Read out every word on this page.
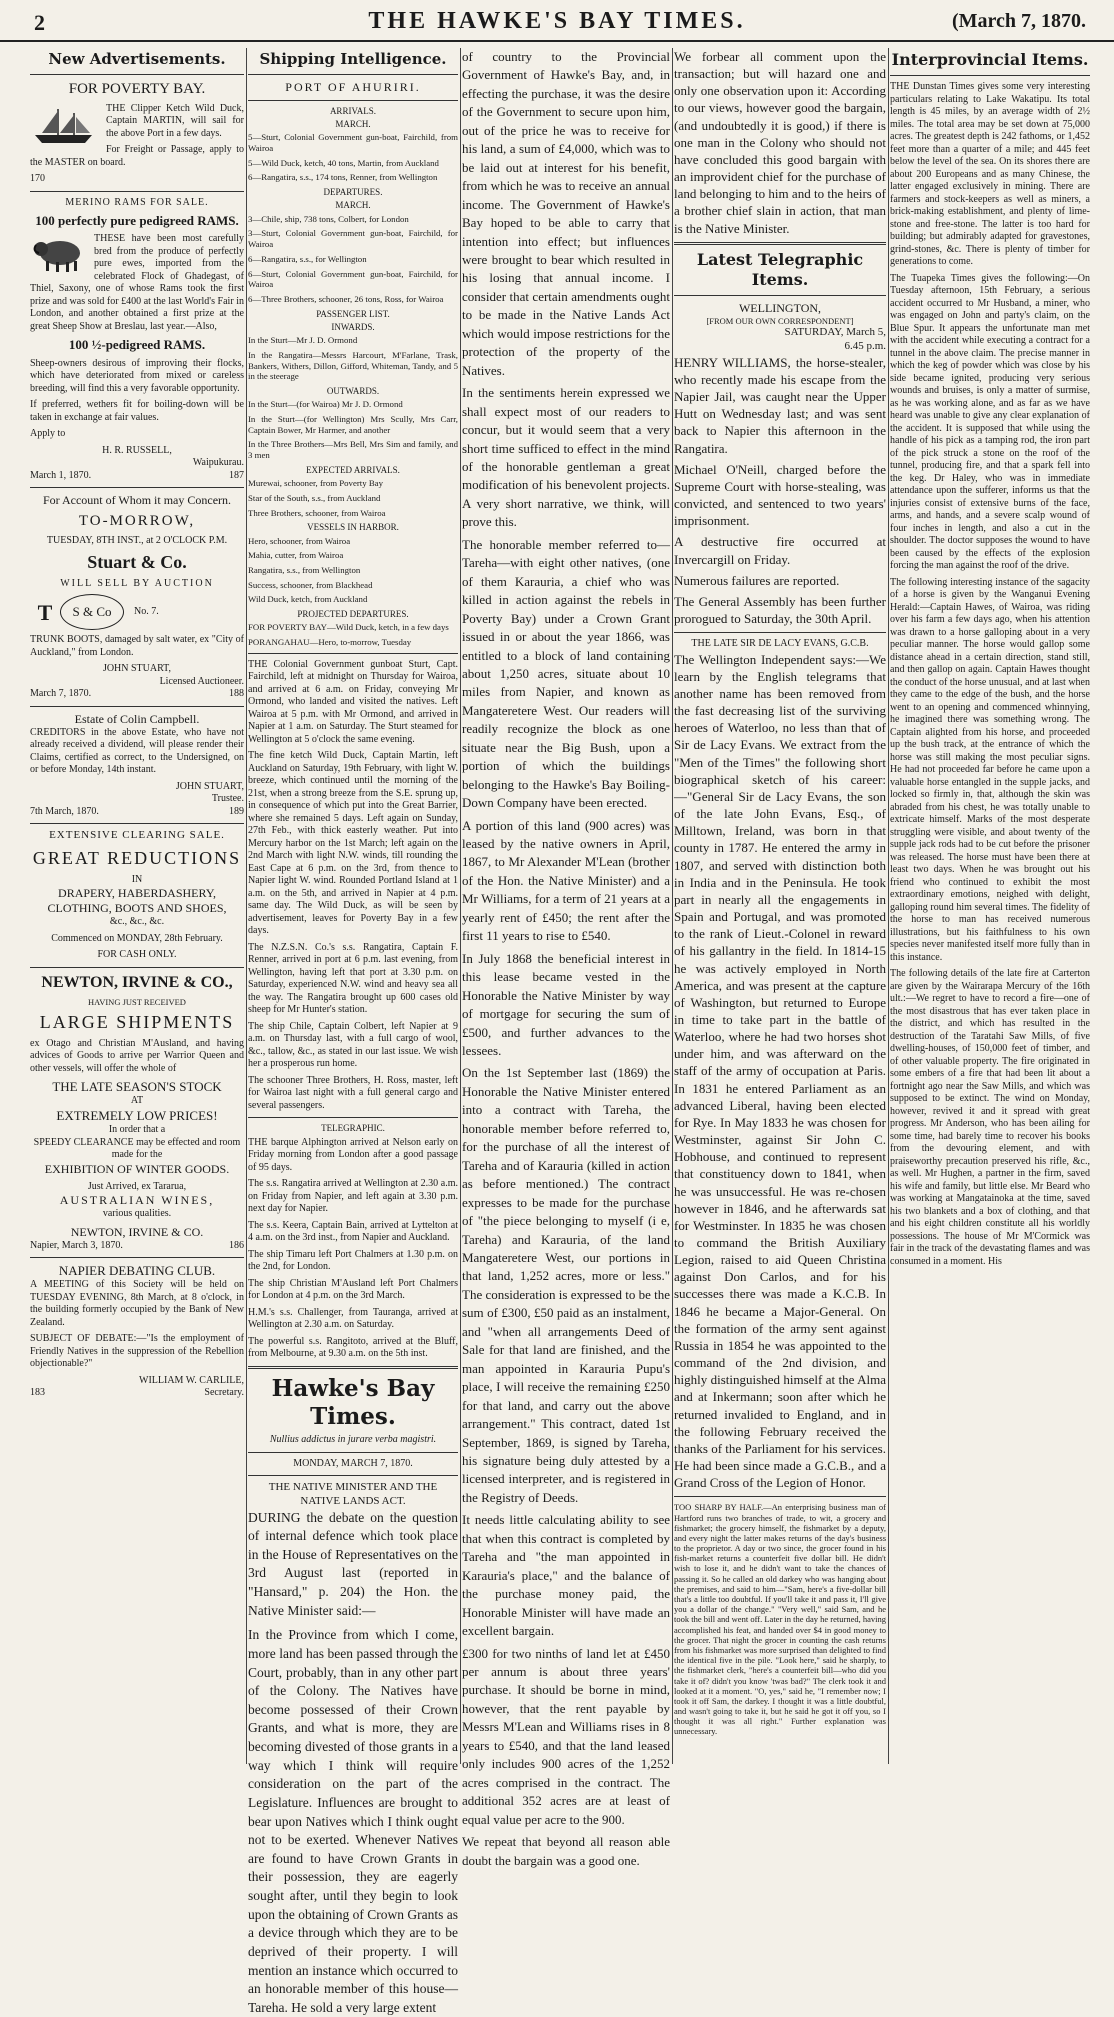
2	THE HAWKE'S BAY TIMES.	(March 7, 1870.
New Advertisements.
FOR POVERTY BAY.

THE Clipper Ketch Wild Duck, Captain MARTIN, will sail for the above Port in a few days.

For Freight or Passage, apply to the MASTER on board.

170

MERINO RAMS FOR SALE.
100 perfectly pure pedigreed RAMS.

THESE have been most carefully bred from the produce of perfectly pure ewes, imported from the celebrated Flock of Ghadegast, of Thiel, Saxony, one of whose Rams took the first prize and was sold for £400 at the last World's Fair in London, and another obtained a first prize at the great Sheep Show at Breslau, last year.—Also,

100 ½-pedigreed RAMS.

Sheep-owners desirous of improving their flocks, which have deteriorated from mixed or careless breeding, will find this a very favorable opportunity.

If preferred, wethers fit for boiling-down will be taken in exchange at fair values.

Apply to

H. R. RUSSELL,
Waipukurau.
March 1, 1870.	187
For Account of Whom it may Concern.
TO-MORROW,
TUESDAY, 8TH INST., at 2 O'CLOCK P.M.
Stuart & Co.
WILL SELL BY AUCTION
T	S & Co	No. 7.

TRUNK BOOTS, damaged by salt water, ex "City of Auckland," from London.

JOHN STUART,
Licensed Auctioneer.
March 7, 1870.	188
Estate of Colin Campbell.

CREDITORS in the above Estate, who have not already received a dividend, will please render their Claims, certified as correct, to the Undersigned, on or before Monday, 14th instant.

JOHN STUART,
Trustee.
7th March, 1870.	189
EXTENSIVE CLEARING SALE.
GREAT REDUCTIONS
IN
DRAPERY, HABERDASHERY, CLOTHING, BOOTS AND SHOES,
&c., &c., &c.
Commenced on MONDAY, 28th February.
FOR CASH ONLY.
NEWTON, IRVINE & CO.,
HAVING JUST RECEIVED
LARGE SHIPMENTS

ex Otago and Christian M'Ausland, and having advices of Goods to arrive per Warrior Queen and other vessels, will offer the whole of

THE LATE SEASON'S STOCK
AT
EXTREMELY LOW PRICES!
In order that a
SPEEDY CLEARANCE may be effected and room made for the
EXHIBITION OF WINTER GOODS.
Just Arrived, ex Tararua,
AUSTRALIAN WINES,
various qualities.
NEWTON, IRVINE & CO.
Napier, March 3, 1870.	186
NAPIER DEBATING CLUB.

A MEETING of this Society will be held on TUESDAY EVENING, 8th March, at 8 o'clock, in the building formerly occupied by the Bank of New Zealand.

SUBJECT OF DEBATE:—"Is the employment of Friendly Natives in the suppression of the Rebellion objectionable?"

WILLIAM W. CARLILE,
183	Secretary.
Shipping Intelligence.
PORT OF AHURIRI.
ARRIVALS.
MARCH.

5—Sturt, Colonial Government gun-boat, Fairchild, from Wairoa

5—Wild Duck, ketch, 40 tons, Martin, from Auckland

6—Rangatira, s.s., 174 tons, Renner, from Wellington

DEPARTURES.
MARCH.

3—Chile, ship, 738 tons, Colbert, for London

3—Sturt, Colonial Government gun-boat, Fairchild, for Wairoa

6—Rangatira, s.s., for Wellington

6—Sturt, Colonial Government gun-boat, Fairchild, for Wairoa

6—Three Brothers, schooner, 26 tons, Ross, for Wairoa

PASSENGER LIST.
INWARDS.

In the Sturt—Mr J. D. Ormond

In the Rangatira—Messrs Harcourt, M'Farlane, Trask, Bankers, Withers, Dillon, Gifford, Whiteman, Tandy, and 5 in the steerage

OUTWARDS.

In the Sturt—(for Wairoa) Mr J. D. Ormond

In the Sturt—(for Wellington) Mrs Scully, Mrs Carr, Captain Bower, Mr Harmer, and another

In the Three Brothers—Mrs Bell, Mrs Sim and family, and 3 men

EXPECTED ARRIVALS.

Murewai, schooner, from Poverty Bay

Star of the South, s.s., from Auckland

Three Brothers, schooner, from Wairoa

VESSELS IN HARBOR.

Hero, schooner, from Wairoa

Mahia, cutter, from Wairoa

Rangatira, s.s., from Wellington

Success, schooner, from Blackhead

Wild Duck, ketch, from Auckland

PROJECTED DEPARTURES.

FOR POVERTY BAY—Wild Duck, ketch, in a few days

PORANGAHAU—Hero, to-morrow, Tuesday

THE Colonial Government gunboat Sturt, Capt. Fairchild, left at midnight on Thursday for Wairoa, and arrived at 6 a.m. on Friday, conveying Mr Ormond, who landed and visited the natives. Left Wairoa at 5 p.m. with Mr Ormond, and arrived in Napier at 1 a.m. on Saturday. The Sturt steamed for Wellington at 5 o'clock the same evening.

The fine ketch Wild Duck, Captain Martin, left Auckland on Saturday, 19th February, with light W. breeze, which continued until the morning of the 21st, when a strong breeze from the S.E. sprung up, in consequence of which put into the Great Barrier, where she remained 5 days. Left again on Sunday, 27th Feb., with thick easterly weather. Put into Mercury harbor on the 1st March; left again on the 2nd March with light N.W. winds, till rounding the East Cape at 6 p.m. on the 3rd, from thence to Napier light W. wind. Rounded Portland Island at 1 a.m. on the 5th, and arrived in Napier at 4 p.m. same day. The Wild Duck, as will be seen by advertisement, leaves for Poverty Bay in a few days.

The N.Z.S.N. Co.'s s.s. Rangatira, Captain F. Renner, arrived in port at 6 p.m. last evening, from Wellington, having left that port at 3.30 p.m. on Saturday, experienced N.W. wind and heavy sea all the way. The Rangatira brought up 600 cases old sheep for Mr Hunter's station.

The ship Chile, Captain Colbert, left Napier at 9 a.m. on Thursday last, with a full cargo of wool, &c., tallow, &c., as stated in our last issue. We wish her a prosperous run home.

The schooner Three Brothers, H. Ross, master, left for Wairoa last night with a full general cargo and several passengers.

TELEGRAPHIC.

THE barque Alphington arrived at Nelson early on Friday morning from London after a good passage of 95 days.

The s.s. Rangatira arrived at Wellington at 2.30 a.m. on Friday from Napier, and left again at 3.30 p.m. next day for Napier.

The s.s. Keera, Captain Bain, arrived at Lyttelton at 4 a.m. on the 3rd inst., from Napier and Auckland.

The ship Timaru left Port Chalmers at 1.30 p.m. on the 2nd, for London.

The ship Christian M'Ausland left Port Chalmers for London at 4 p.m. on the 3rd March.

H.M.'s s.s. Challenger, from Tauranga, arrived at Wellington at 2.30 a.m. on Saturday.

The powerful s.s. Rangitoto, arrived at the Bluff, from Melbourne, at 9.30 a.m. on the 5th inst.

Hawke's Bay Times.
Nullius addictus in jurare verba magistri.
MONDAY, MARCH 7, 1870.
THE NATIVE MINISTER AND THE NATIVE LANDS ACT.

DURING the debate on the question of internal defence which took place in the House of Representatives on the 3rd August last (reported in "Hansard," p. 204) the Hon. the Native Minister said:—

In the Province from which I come, more land has been passed through the Court, probably, than in any other part of the Colony. The Natives have become possessed of their Crown Grants, and what is more, they are becoming divested of those grants in a way which I think will require consideration on the part of the Legislature. Influences are brought to bear upon Natives which I think ought not to be exerted. Whenever Natives are found to have Crown Grants in their possession, they are eagerly sought after, until they begin to look upon the obtaining of Crown Grants as a device through which they are to be deprived of their property. I will mention an instance which occurred to an honorable member of this house—Tareha. He sold a very large extent

of country to the Provincial Government of Hawke's Bay, and, in effecting the purchase, it was the desire of the Government to secure upon him, out of the price he was to receive for his land, a sum of £4,000, which was to be laid out at interest for his benefit, from which he was to receive an annual income. The Government of Hawke's Bay hoped to be able to carry that intention into effect; but influences were brought to bear which resulted in his losing that annual income. I consider that certain amendments ought to be made in the Native Lands Act which would impose restrictions for the protection of the property of the Natives.

In the sentiments herein expressed we shall expect most of our readers to concur, but it would seem that a very short time sufficed to effect in the mind of the honorable gentleman a great modification of his benevolent projects. A very short narrative, we think, will prove this.

The honorable member referred to—Tareha—with eight other natives, (one of them Karauria, a chief who was killed in action against the rebels in Poverty Bay) under a Crown Grant issued in or about the year 1866, was entitled to a block of land containing about 1,250 acres, situate about 10 miles from Napier, and known as Mangateretere West. Our readers will readily recognize the block as one situate near the Big Bush, upon a portion of which the buildings belonging to the Hawke's Bay Boiling-Down Company have been erected.

A portion of this land (900 acres) was leased by the native owners in April, 1867, to Mr Alexander M'Lean (brother of the Hon. the Native Minister) and a Mr Williams, for a term of 21 years at a yearly rent of £450; the rent after the first 11 years to rise to £540.

In July 1868 the beneficial interest in this lease became vested in the Honorable the Native Minister by way of mortgage for securing the sum of £500, and further advances to the lessees.

On the 1st September last (1869) the Honorable the Native Minister entered into a contract with Tareha, the honorable member before referred to, for the purchase of all the interest of Tareha and of Karauria (killed in action as before mentioned.) The contract expresses to be made for the purchase of "the piece belonging to myself (i e, Tareha) and Karauria, of the land Mangateretere West, our portions in that land, 1,252 acres, more or less." The consideration is expressed to be the sum of £300, £50 paid as an instalment, and "when all arrangements Deed of Sale for that land are finished, and the man appointed in Karauria Pupu's place, I will receive the remaining £250 for that land, and carry out the above arrangement." This contract, dated 1st September, 1869, is signed by Tareha, his signature being duly attested by a licensed interpreter, and is registered in the Registry of Deeds.

It needs little calculating ability to see that when this contract is completed by Tareha and "the man appointed in Karauria's place," and the balance of the purchase money paid, the Honorable Minister will have made an excellent bargain.

£300 for two ninths of land let at £450 per annum is about three years' purchase. It should be borne in mind, however, that the rent payable by Messrs M'Lean and Williams rises in 8 years to £540, and that the land leased only includes 900 acres of the 1,252 acres comprised in the contract. The additional 352 acres are at least of equal value per acre to the 900.

We repeat that beyond all reason able doubt the bargain was a good one.

We forbear all comment upon the transaction; but will hazard one and only one observation upon it: According to our views, however good the bargain, (and undoubtedly it is good,) if there is one man in the Colony who should not have concluded this good bargain with an improvident chief for the purchase of land belonging to him and to the heirs of a brother chief slain in action, that man is the Native Minister.

Latest Telegraphic Items.
WELLINGTON,
[FROM OUR OWN CORRESPONDENT]
SATURDAY, March 5,
6.45 p.m.

HENRY WILLIAMS, the horse-stealer, who recently made his escape from the Napier Jail, was caught near the Upper Hutt on Wednesday last; and was sent back to Napier this afternoon in the Rangatira.

Michael O'Neill, charged before the Supreme Court with horse-stealing, was convicted, and sentenced to two years' imprisonment.

A destructive fire occurred at Invercargill on Friday.

Numerous failures are reported.

The General Assembly has been further prorogued to Saturday, the 30th April.

THE LATE SIR DE LACY EVANS, G.C.B.

The Wellington Independent says:—We learn by the English telegrams that another name has been removed from the fast decreasing list of the surviving heroes of Waterloo, no less than that of Sir de Lacy Evans. We extract from the "Men of the Times" the following short biographical sketch of his career:—"General Sir de Lacy Evans, the son of the late John Evans, Esq., of Milltown, Ireland, was born in that county in 1787. He entered the army in 1807, and served with distinction both in India and in the Peninsula. He took part in nearly all the engagements in Spain and Portugal, and was promoted to the rank of Lieut.-Colonel in reward of his gallantry in the field. In 1814-15 he was actively employed in North America, and was present at the capture of Washington, but returned to Europe in time to take part in the battle of Waterloo, where he had two horses shot under him, and was afterward on the staff of the army of occupation at Paris. In 1831 he entered Parliament as an advanced Liberal, having been elected for Rye. In May 1833 he was chosen for Westminster, against Sir John C. Hobhouse, and continued to represent that constituency down to 1841, when he was unsuccessful. He was re-chosen however in 1846, and he afterwards sat for Westminster. In 1835 he was chosen to command the British Auxiliary Legion, raised to aid Queen Christina against Don Carlos, and for his successes there was made a K.C.B. In 1846 he became a Major-General. On the formation of the army sent against Russia in 1854 he was appointed to the command of the 2nd division, and highly distinguished himself at the Alma and at Inkermann; soon after which he returned invalided to England, and in the following February received the thanks of the Parliament for his services. He had been since made a G.C.B., and a Grand Cross of the Legion of Honor.

TOO SHARP BY HALF.—An enterprising business man of Hartford runs two branches of trade, to wit, a grocery and fishmarket; the grocery himself, the fishmarket by a deputy, and every night the latter makes returns of the day's business to the proprietor. A day or two since, the grocer found in his fish-market returns a counterfeit five dollar bill. He didn't wish to lose it, and he didn't want to take the chances of passing it. So he called an old darkey who was hanging about the premises, and said to him—"Sam, here's a five-dollar bill that's a little too doubtful. If you'll take it and pass it, I'll give you a dollar of the change." "Very well," said Sam, and he took the bill and went off. Later in the day he returned, having accomplished his feat, and handed over $4 in good money to the grocer. That night the grocer in counting the cash returns from his fishmarket was more surprised than delighted to find the identical five in the pile. "Look here," said he sharply, to the fishmarket clerk, "here's a counterfeit bill—who did you take it of? didn't you know 'twas bad?" The clerk took it and looked at it a moment. "O, yes," said he, "I remember now; I took it off Sam, the darkey. I thought it was a little doubtful, and wasn't going to take it, but he said he got it off you, so I thought it was all right." Further explanation was unnecessary.

Interprovincial Items.

THE Dunstan Times gives some very interesting particulars relating to Lake Wakatipu. Its total length is 45 miles, by an average width of 2½ miles. The total area may be set down at 75,000 acres. The greatest depth is 242 fathoms, or 1,452 feet more than a quarter of a mile; and 445 feet below the level of the sea. On its shores there are about 200 Europeans and as many Chinese, the latter engaged exclusively in mining. There are farmers and stock-keepers as well as miners, a brick-making establishment, and plenty of lime-stone and free-stone. The latter is too hard for building; but admirably adapted for gravestones, grind-stones, &c. There is plenty of timber for generations to come.

The Tuapeka Times gives the following:—On Tuesday afternoon, 15th February, a serious accident occurred to Mr Husband, a miner, who was engaged on John and party's claim, on the Blue Spur. It appears the unfortunate man met with the accident while executing a contract for a tunnel in the above claim. The precise manner in which the keg of powder which was close by his side became ignited, producing very serious wounds and bruises, is only a matter of surmise, as he was working alone, and as far as we have heard was unable to give any clear explanation of the accident. It is supposed that while using the handle of his pick as a tamping rod, the iron part of the pick struck a stone on the roof of the tunnel, producing fire, and that a spark fell into the keg. Dr Haley, who was in immediate attendance upon the sufferer, informs us that the injuries consist of extensive burns of the face, arms, and hands, and a severe scalp wound of four inches in length, and also a cut in the shoulder. The doctor supposes the wound to have been caused by the effects of the explosion forcing the man against the roof of the drive.

The following interesting instance of the sagacity of a horse is given by the Wanganui Evening Herald:—Captain Hawes, of Wairoa, was riding over his farm a few days ago, when his attention was drawn to a horse galloping about in a very peculiar manner. The horse would gallop some distance ahead in a certain direction, stand still, and then gallop on again. Captain Hawes thought the conduct of the horse unusual, and at last when they came to the edge of the bush, and the horse went to an opening and commenced whinnying, he imagined there was something wrong. The Captain alighted from his horse, and proceeded up the bush track, at the entrance of which the horse was still making the most peculiar signs. He had not proceeded far before he came upon a valuable horse entangled in the supple jacks, and locked so firmly in, that, although the skin was abraded from his chest, he was totally unable to extricate himself. Marks of the most desperate struggling were visible, and about twenty of the supple jack rods had to be cut before the prisoner was released. The horse must have been there at least two days. When he was brought out his friend who continued to exhibit the most extraordinary emotions, neighed with delight, galloping round him several times. The fidelity of the horse to man has received numerous illustrations, but his faithfulness to his own species never manifested itself more fully than in this instance.

The following details of the late fire at Carterton are given by the Wairarapa Mercury of the 16th ult.:—We regret to have to record a fire—one of the most disastrous that has ever taken place in the district, and which has resulted in the destruction of the Taratahi Saw Mills, of five dwelling-houses, of 150,000 feet of timber, and of other valuable property. The fire originated in some embers of a fire that had been lit about a fortnight ago near the Saw Mills, and which was supposed to be extinct. The wind on Monday, however, revived it and it spread with great progress. Mr Anderson, who has been ailing for some time, had barely time to recover his books from the devouring element, and with praiseworthy precaution preserved his rifle, &c., as well. Mr Hughen, a partner in the firm, saved his wife and family, but little else. Mr Beard who was working at Mangatainoka at the time, saved his two blankets and a box of clothing, and that and his eight children constitute all his worldly possessions. The house of Mr M'Cormick was fair in the track of the devastating flames and was consumed in a moment. His
